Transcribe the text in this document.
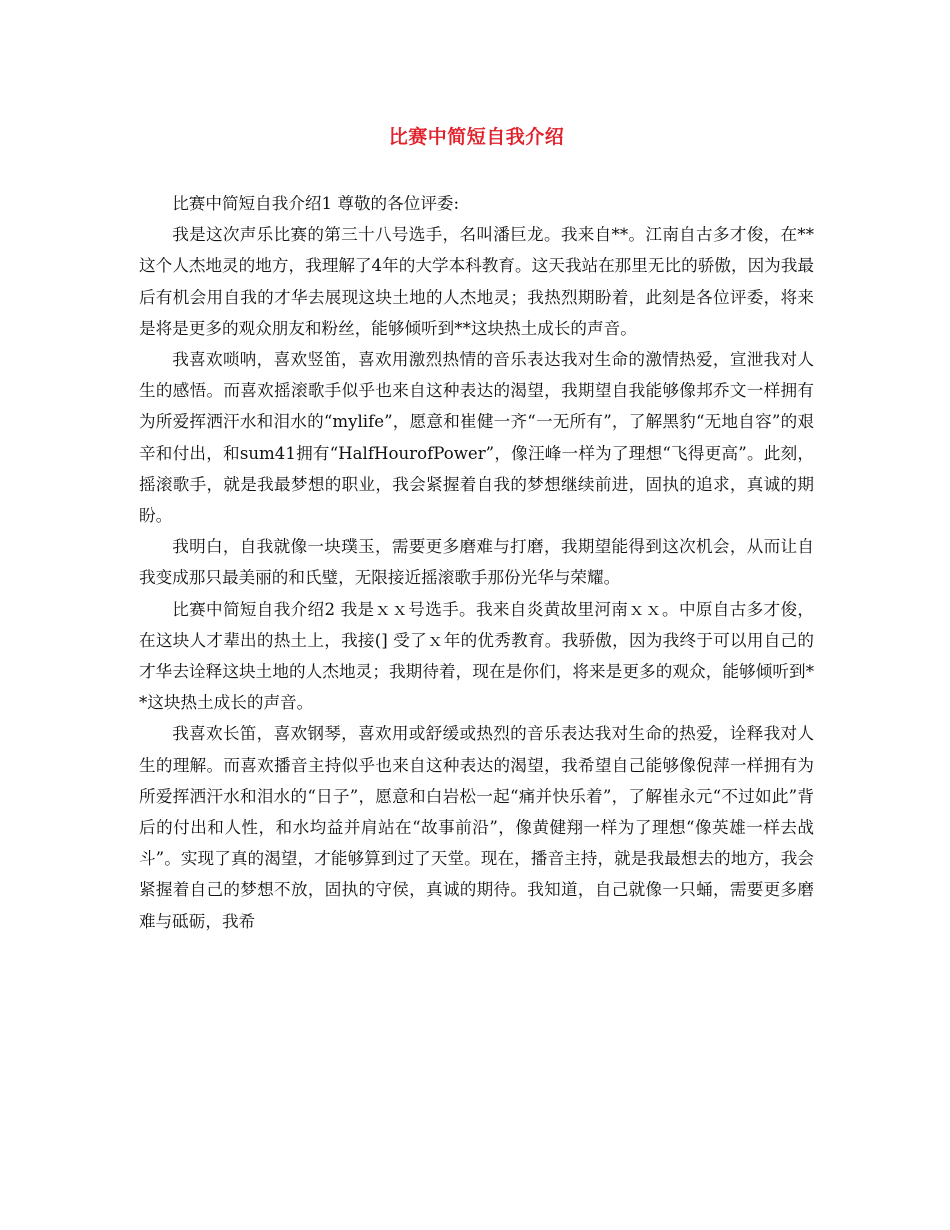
比赛中简短自我介绍

比赛中简短自我介绍1 尊敬的各位评委:

我是这次声乐比赛的第三十八号选手，名叫潘巨龙。我来自**。江南自古多才俊，在**这个人杰地灵的地方，我理解了4年的大学本科教育。这天我站在那里无比的骄傲，因为我最后有机会用自我的才华去展现这块土地的人杰地灵；我热烈期盼着，此刻是各位评委，将来是将是更多的观众朋友和粉丝，能够倾听到**这块热土成长的声音。

我喜欢唢呐，喜欢竖笛，喜欢用激烈热情的音乐表达我对生命的激情热爱，宣泄我对人生的感悟。而喜欢摇滚歌手似乎也来自这种表达的渴望，我期望自我能够像邦乔文一样拥有为所爱挥洒汗水和泪水的“mylife”，愿意和崔健一齐“一无所有”，了解黑豹“无地自容”的艰辛和付出，和sum41拥有“HalfHourofPower”，像汪峰一样为了理想“飞得更高”。此刻，摇滚歌手，就是我最梦想的职业，我会紧握着自我的梦想继续前进，固执的追求，真诚的期盼。

我明白，自我就像一块璞玉，需要更多磨难与打磨，我期望能得到这次机会，从而让自我变成那只最美丽的和氏璧，无限接近摇滚歌手那份光华与荣耀。

比赛中简短自我介绍2 我是ｘｘ号选手。我来自炎黄故里河南ｘｘ。中原自古多才俊，在这块人才辈出的热土上，我接(] 受了ｘ年的优秀教育。我骄傲，因为我终于可以用自己的才华去诠释这块土地的人杰地灵；我期待着，现在是你们，将来是更多的观众，能够倾听到**这块热土成长的声音。

我喜欢长笛，喜欢钢琴，喜欢用或舒缓或热烈的音乐表达我对生命的热爱，诠释我对人生的理解。而喜欢播音主持似乎也来自这种表达的渴望，我希望自己能够像倪萍一样拥有为所爱挥洒汗水和泪水的“日子”，愿意和白岩松一起“痛并快乐着”，了解崔永元“不过如此”背后的付出和人性，和水均益并肩站在“故事前沿”，像黄健翔一样为了理想“像英雄一样去战斗”。实现了真的渴望，才能够算到过了天堂。现在，播音主持，就是我最想去的地方，我会紧握着自己的梦想不放，固执的守侯，真诚的期待。我知道，自己就像一只蛹，需要更多磨难与砥砺，我希
